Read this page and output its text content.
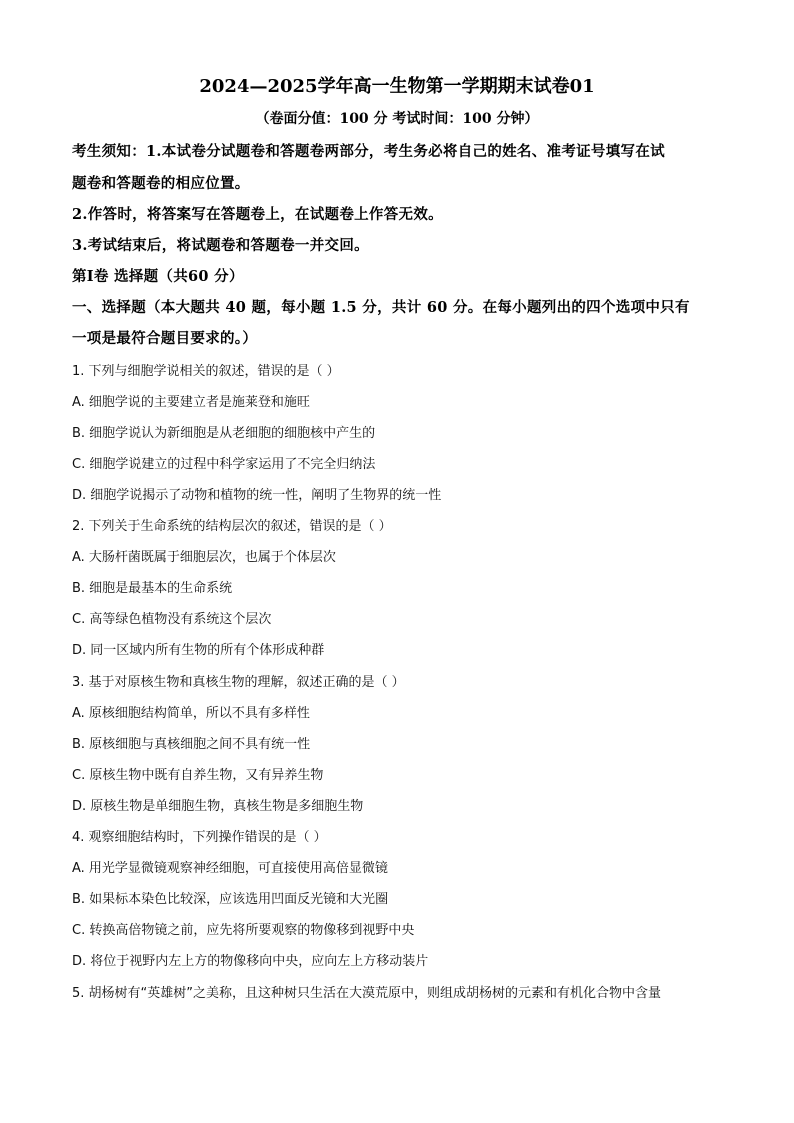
2024—2025学年高一生物第一学期期末试卷01
（卷面分值：100 分 考试时间：100 分钟）
考生须知：1.本试卷分试题卷和答题卷两部分，考生务必将自己的姓名、准考证号填写在试
题卷和答题卷的相应位置。
2.作答时，将答案写在答题卷上，在试题卷上作答无效。
3.考试结束后，将试题卷和答题卷一并交回。
第Ⅰ卷 选择题（共60 分）
一、选择题（本大题共 40 题，每小题 1.5 分，共计 60 分。在每小题列出的四个选项中只有
一项是最符合题目要求的。）
1. 下列与细胞学说相关的叙述，错误的是（ ）
A. 细胞学说的主要建立者是施莱登和施旺
B. 细胞学说认为新细胞是从老细胞的细胞核中产生的
C. 细胞学说建立的过程中科学家运用了不完全归纳法
D. 细胞学说揭示了动物和植物的统一性，阐明了生物界的统一性
2. 下列关于生命系统的结构层次的叙述，错误的是（ ）
A. 大肠杆菌既属于细胞层次，也属于个体层次
B. 细胞是最基本的生命系统
C. 高等绿色植物没有系统这个层次
D. 同一区域内所有生物的所有个体形成种群
3. 基于对原核生物和真核生物的理解，叙述正确的是（ ）
A. 原核细胞结构简单，所以不具有多样性
B. 原核细胞与真核细胞之间不具有统一性
C. 原核生物中既有自养生物，又有异养生物
D. 原核生物是单细胞生物，真核生物是多细胞生物
4. 观察细胞结构时，下列操作错误的是（ ）
A. 用光学显微镜观察神经细胞，可直接使用高倍显微镜
B. 如果标本染色比较深，应该选用凹面反光镜和大光圈
C. 转换高倍物镜之前，应先将所要观察的物像移到视野中央
D. 将位于视野内左上方的物像移向中央，应向左上方移动装片
5. 胡杨树有“英雄树”之美称，且这种树只生活在大漠荒原中，则组成胡杨树的元素和有机化合物中含量
